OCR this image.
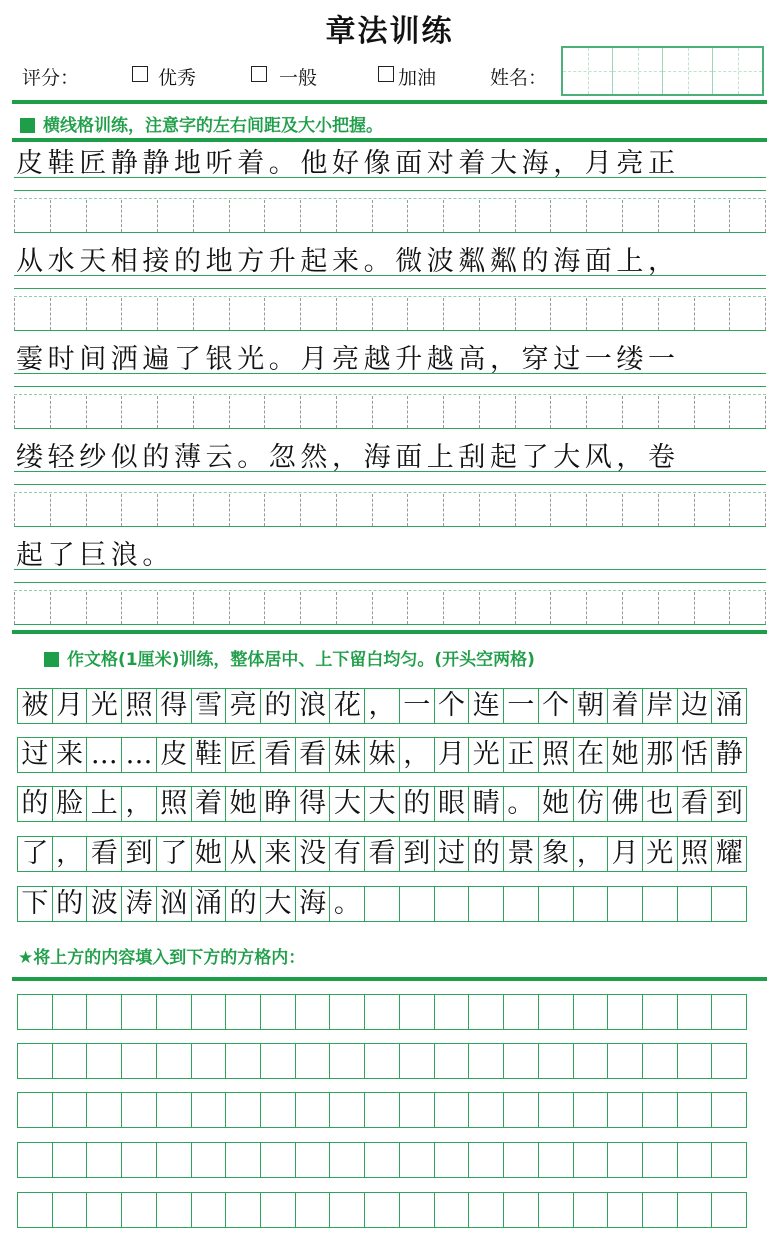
章法训练
评分：	优秀	一般	加油	姓名：
横线格训练，注意字的左右间距及大小把握。
皮鞋匠静静地听着。他好像面对着大海，月亮正
从水天相接的地方升起来。微波粼粼的海面上，
霎时间洒遍了银光。月亮越升越高，穿过一缕一
缕轻纱似的薄云。忽然，海面上刮起了大风，卷
起了巨浪。
作文格(1厘米)训练，整体居中、上下留白均匀。(开头空两格)
被 月 光 照 得 雪 亮 的 浪 花 ， 一 个 连 一 个 朝 着 岸 边 涌
过 来 … … 皮 鞋 匠 看 看 妹 妹 ， 月 光 正 照 在 她 那 恬 静
的 脸 上 ， 照 着 她 睁 得 大 大 的 眼 睛 。 她 仿 佛 也 看 到
了 ， 看 到 了 她 从 来 没 有 看 到 过 的 景 象 ， 月 光 照 耀
下 的 波 涛 汹 涌 的 大 海 。
★将上方的内容填入到下方的方格内：
